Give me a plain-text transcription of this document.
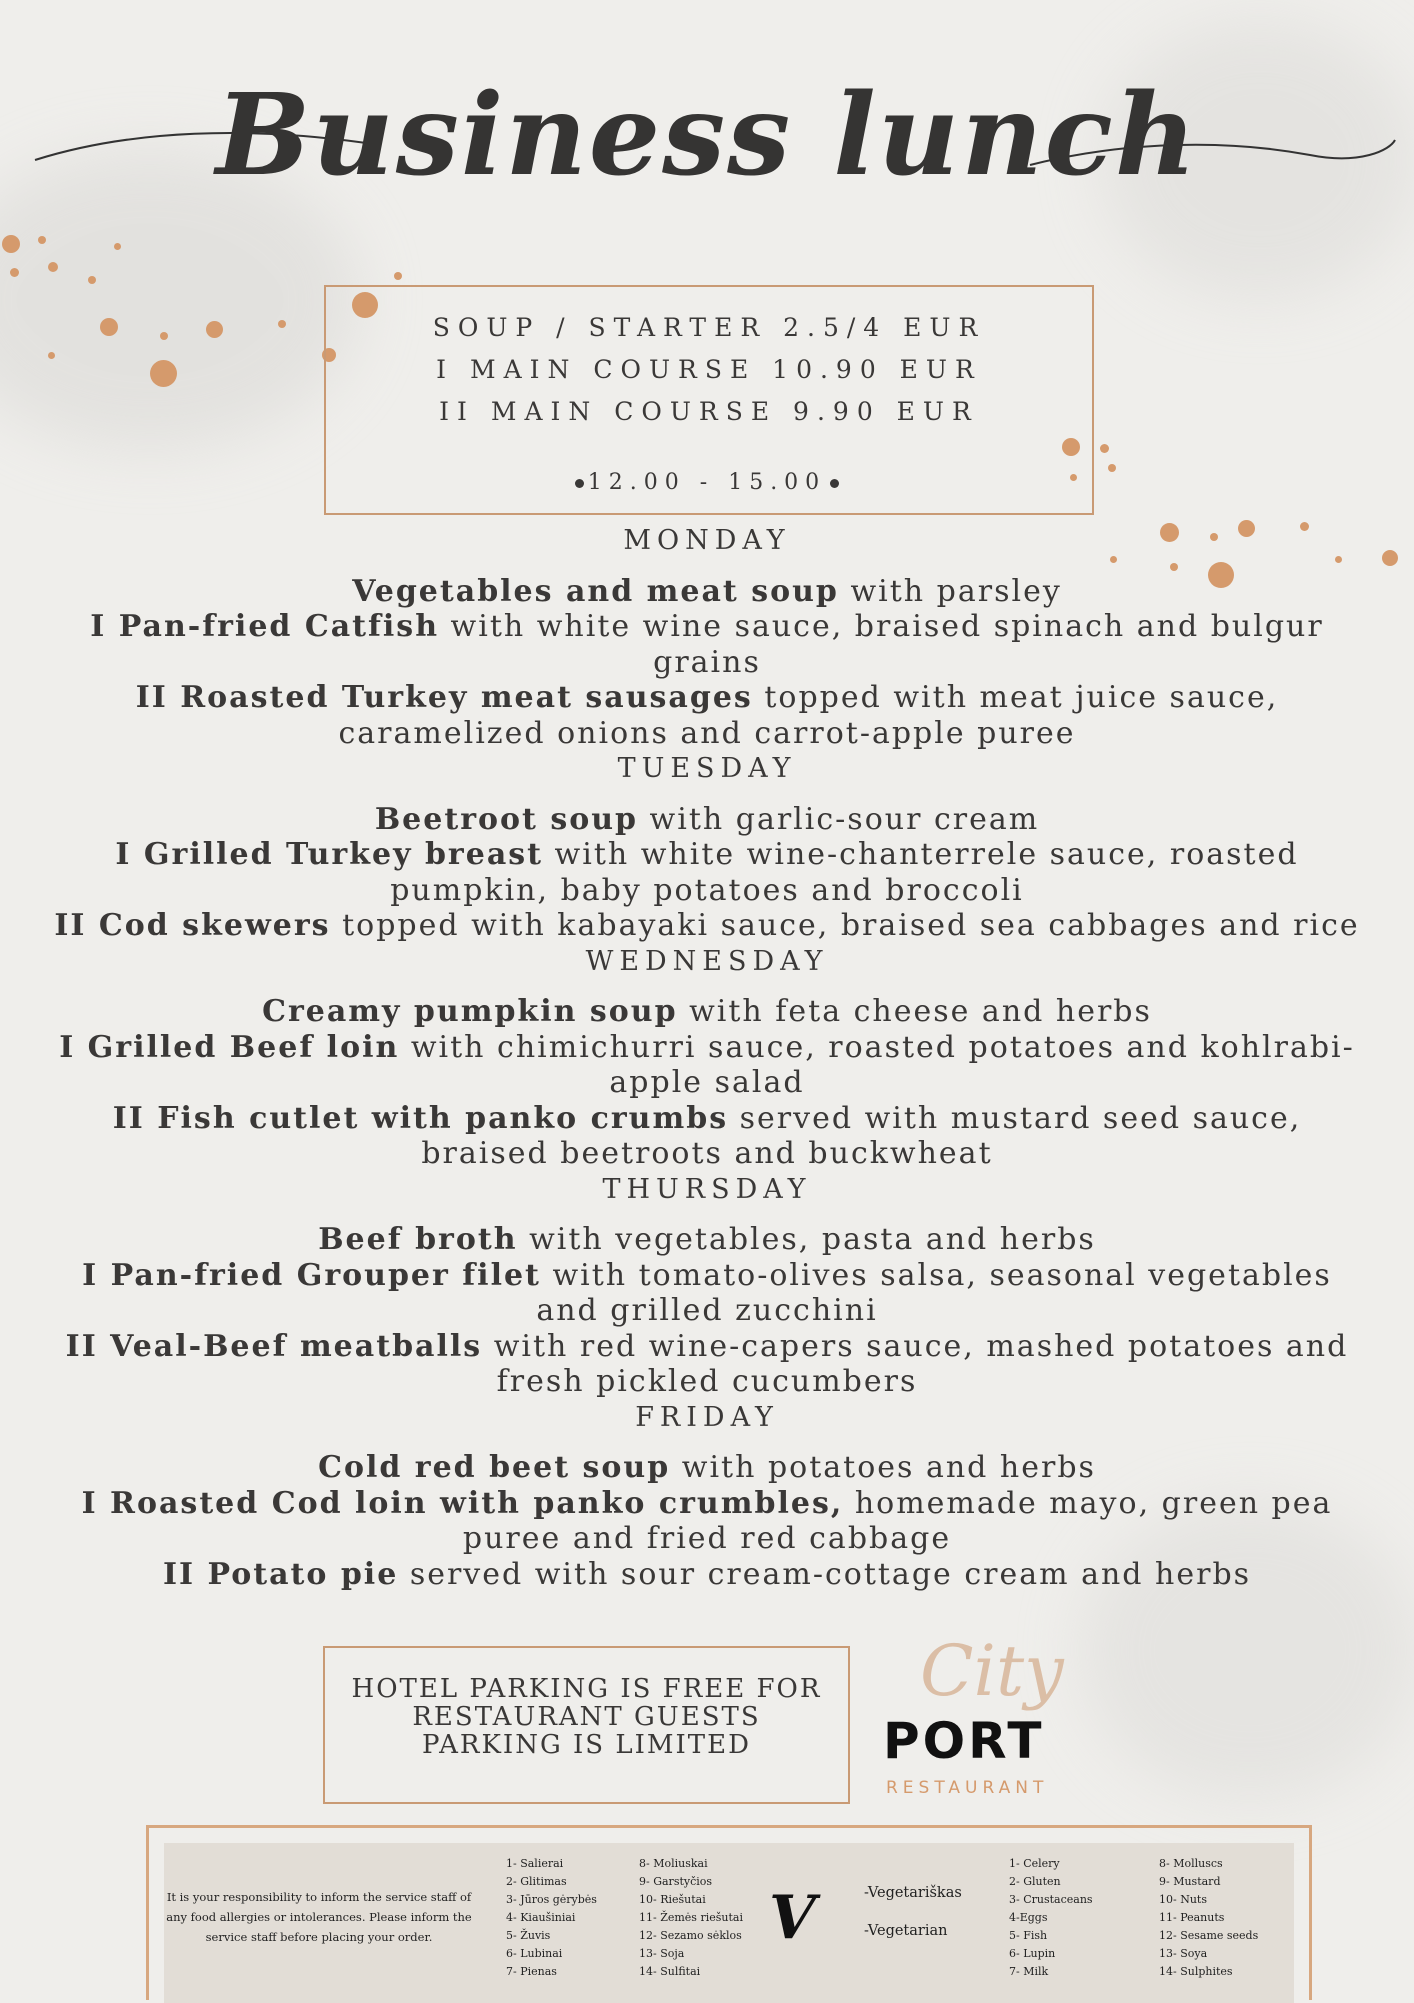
Business lunch
SOUP / STARTER 2.5/4 EUR
I MAIN COURSE 10.90 EUR
II MAIN COURSE 9.90 EUR
12.00 - 15.00
MONDAY

Vegetables and meat soup with parsley

I Pan-fried Catfish with white wine sauce, braised spinach and bulgur grains

II Roasted Turkey meat sausages topped with meat juice sauce, caramelized onions and carrot-apple puree

TUESDAY

Beetroot soup with garlic-sour cream

I Grilled Turkey breast with white wine-chanterrele sauce, roasted pumpkin, baby potatoes and broccoli

II Cod skewers topped with kabayaki sauce, braised sea cabbages and rice

WEDNESDAY

Creamy pumpkin soup with feta cheese and herbs

I Grilled Beef loin with chimichurri sauce, roasted potatoes and kohlrabi-apple salad

II Fish cutlet with panko crumbs served with mustard seed sauce, braised beetroots and buckwheat

THURSDAY

Beef broth with vegetables, pasta and herbs

I Pan-fried Grouper filet with tomato-olives salsa, seasonal vegetables and grilled zucchini

II Veal-Beef meatballs with red wine-capers sauce, mashed potatoes and fresh pickled cucumbers

FRIDAY

Cold red beet soup with potatoes and herbs

I Roasted Cod loin with panko crumbles, homemade mayo, green pea puree and fried red cabbage

II Potato pie served with sour cream-cottage cream and herbs

HOTEL PARKING IS FREE FOR
RESTAURANT GUESTS
PARKING IS LIMITED
City
PORT
RESTAURANT
It is your responsibility to inform the service staff of any food allergies or intolerances. Please inform the service staff before placing your order.
1- Salierai
2- Glitimas
3- Jūros gėrybės
4- Kiaušiniai
5- Žuvis
6- Lubinai
7- Pienas
8- Moliuskai
9- Garstyčios
10- Riešutai
11- Žemės riešutai
12- Sezamo sėklos
13- Soja
14- Sulfitai
V	-Vegetariškas
-Vegetarian
1- Celery
2- Gluten
3- Crustaceans
4-Eggs
5- Fish
6- Lupin
7- Milk
8- Molluscs
9- Mustard
10- Nuts
11- Peanuts
12- Sesame seeds
13- Soya
14- Sulphites
